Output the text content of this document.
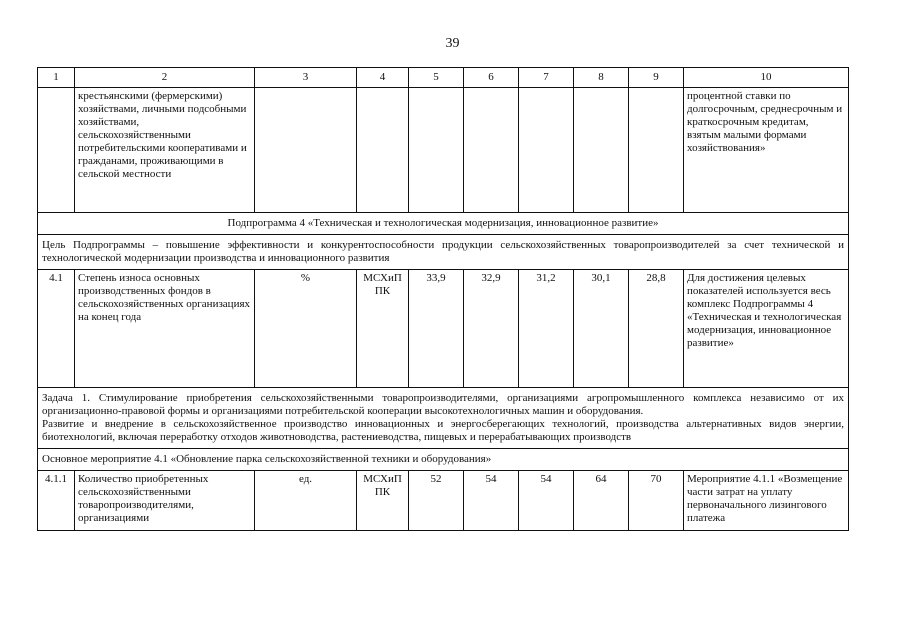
39
1	2	3	4	5	6	7	8	9	10
	крестьянскими (фермерскими) хозяйствами, личными подсобными хозяйствами, сельскохозяйственными потребительскими кооперативами и гражданами, проживающими в сельской местности								процентной ставки по долгосрочным, среднесрочным и краткосрочным кредитам, взятым малыми формами хозяйствования»
Подпрограмма 4 «Техническая и технологическая модернизация, инновационное развитие»									
Цель Подпрограммы – повышение эффективности и конкурентоспособности продукции сельскохозяйственных товаропроизводителей за счет технической и технологической модернизации производства и инновационного развития									
4.1	Степень износа основных производственных фондов в сельскохозяйственных организациях на конец года	%	МСХиП ПК	33,9	32,9	31,2	30,1	28,8	Для достижения целевых показателей используется весь комплекс Подпрограммы 4 «Техническая и технологическая модернизация, инновационное развитие»

Задача 1. Стимулирование приобретения сельскохозяйственными товаропроизводителями, организациями агропромышленного комплекса независимо от их организационно-правовой формы и организациями потребительской кооперации высокотехнологичных машин и оборудования.
Развитие и внедрение в сельскохозяйственное производство инновационных и энергосберегающих технологий, производства альтернативных видов энергии, биотехнологий, включая переработку отходов животноводства, растениеводства, пищевых и перерабатывающих производств									

Основное мероприятие 4.1 «Обновление парка сельскохозяйственной техники и оборудования»									
4.1.1	Количество приобретенных сельскохозяйственными товаропроизводителями, организациями	ед.	МСХиП ПК	52	54	54	64	70	Мероприятие 4.1.1 «Возмещение части затрат на уплату первоначального лизингового платежа
